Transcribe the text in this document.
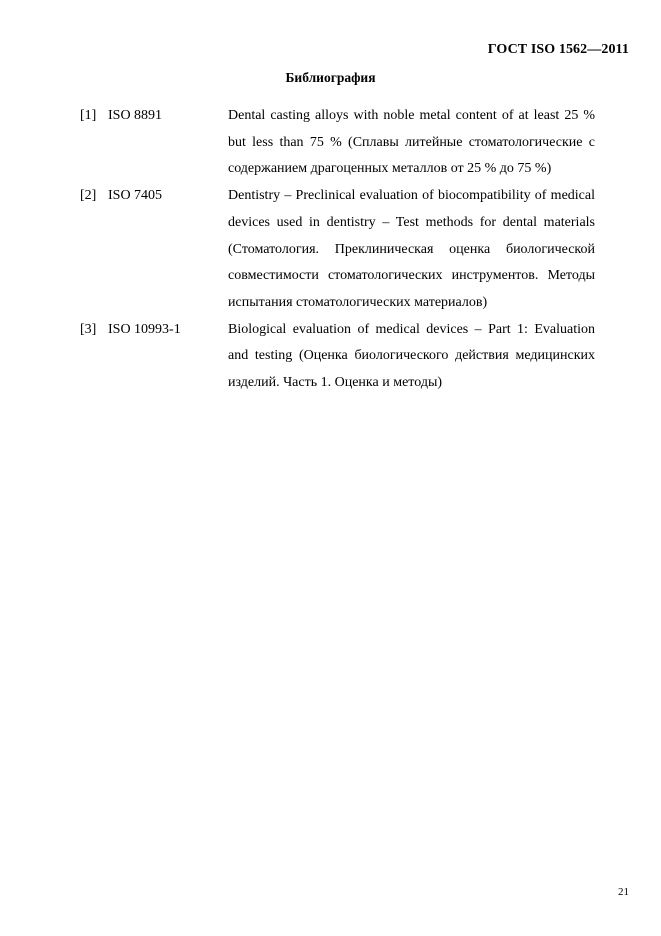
ГОСТ ISO 1562—2011
Библиография
[1] ISO 8891	Dental casting alloys with noble metal content of at least 25 % but less than 75 % (Сплавы литейные стоматологические с содержанием драгоценных металлов от 25 % до 75 %)
[2] ISO 7405	Dentistry – Preclinical evaluation of biocompatibility of medical devices used in dentistry – Test methods for dental materials (Стоматология. Преклиническая оценка биологической совместимости стоматологических инструментов. Методы испытания стоматологических материалов)
[3] ISO 10993-1	Biological evaluation of medical devices – Part 1: Evaluation and testing (Оценка биологического действия медицинских изделий. Часть 1. Оценка и методы)
21
